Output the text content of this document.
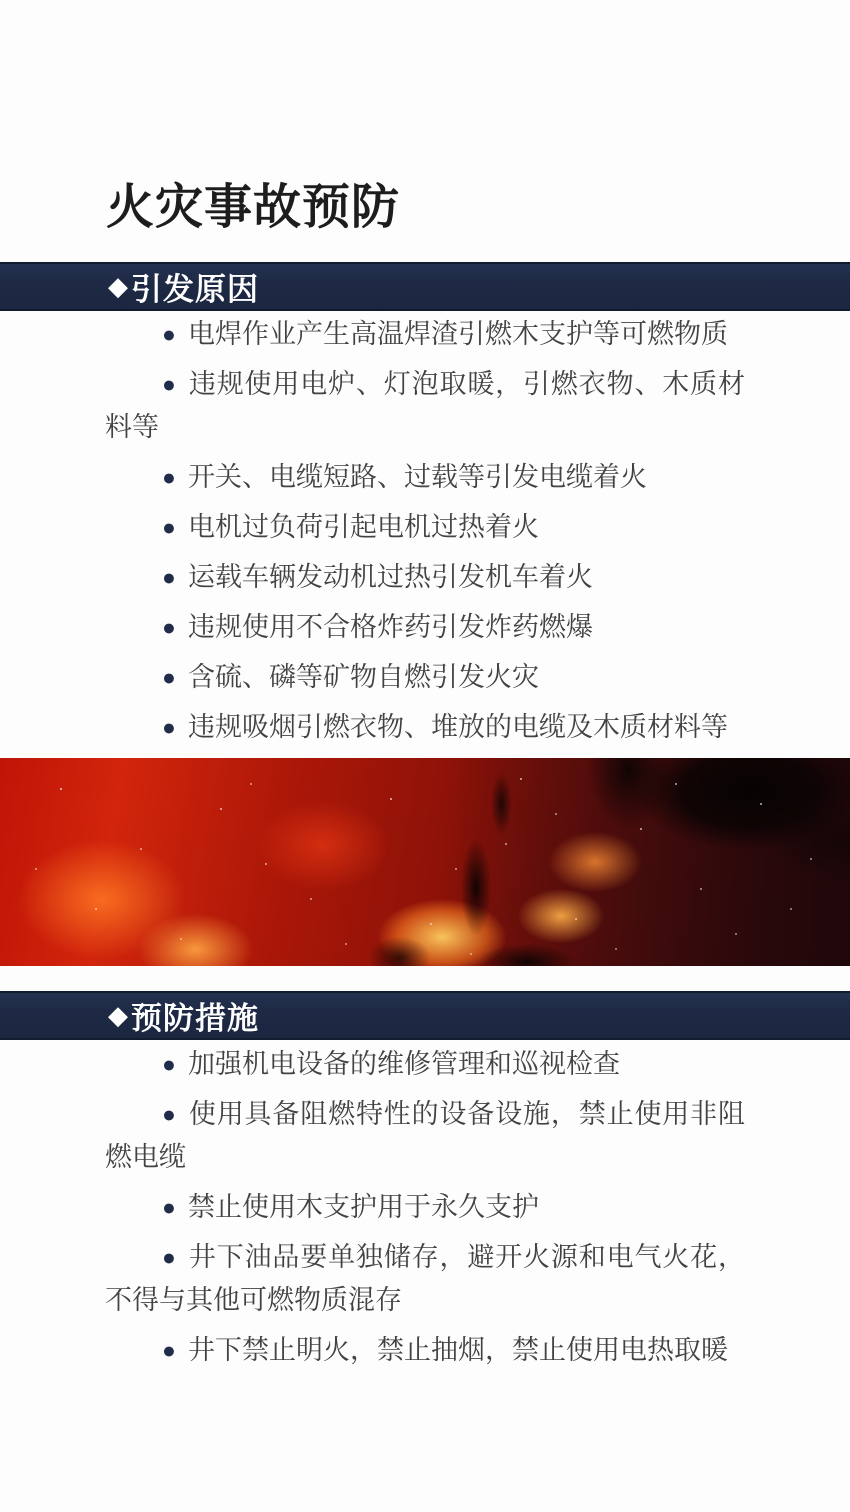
火灾事故预防
◆ 引发原因

● 电焊作业产生高温焊渣引燃木支护等可燃物质

● 违规使用电炉、灯泡取暖，引燃衣物、木质材料等

● 开关、电缆短路、过载等引发电缆着火

● 电机过负荷引起电机过热着火

● 运载车辆发动机过热引发机车着火

● 违规使用不合格炸药引发炸药燃爆

● 含硫、磷等矿物自燃引发火灾

● 违规吸烟引燃衣物、堆放的电缆及木质材料等

◆ 预防措施

● 加强机电设备的维修管理和巡视检查

● 使用具备阻燃特性的设备设施，禁止使用非阻燃电缆

● 禁止使用木支护用于永久支护

● 井下油品要单独储存，避开火源和电气火花，不得与其他可燃物质混存

● 井下禁止明火，禁止抽烟，禁止使用电热取暖
